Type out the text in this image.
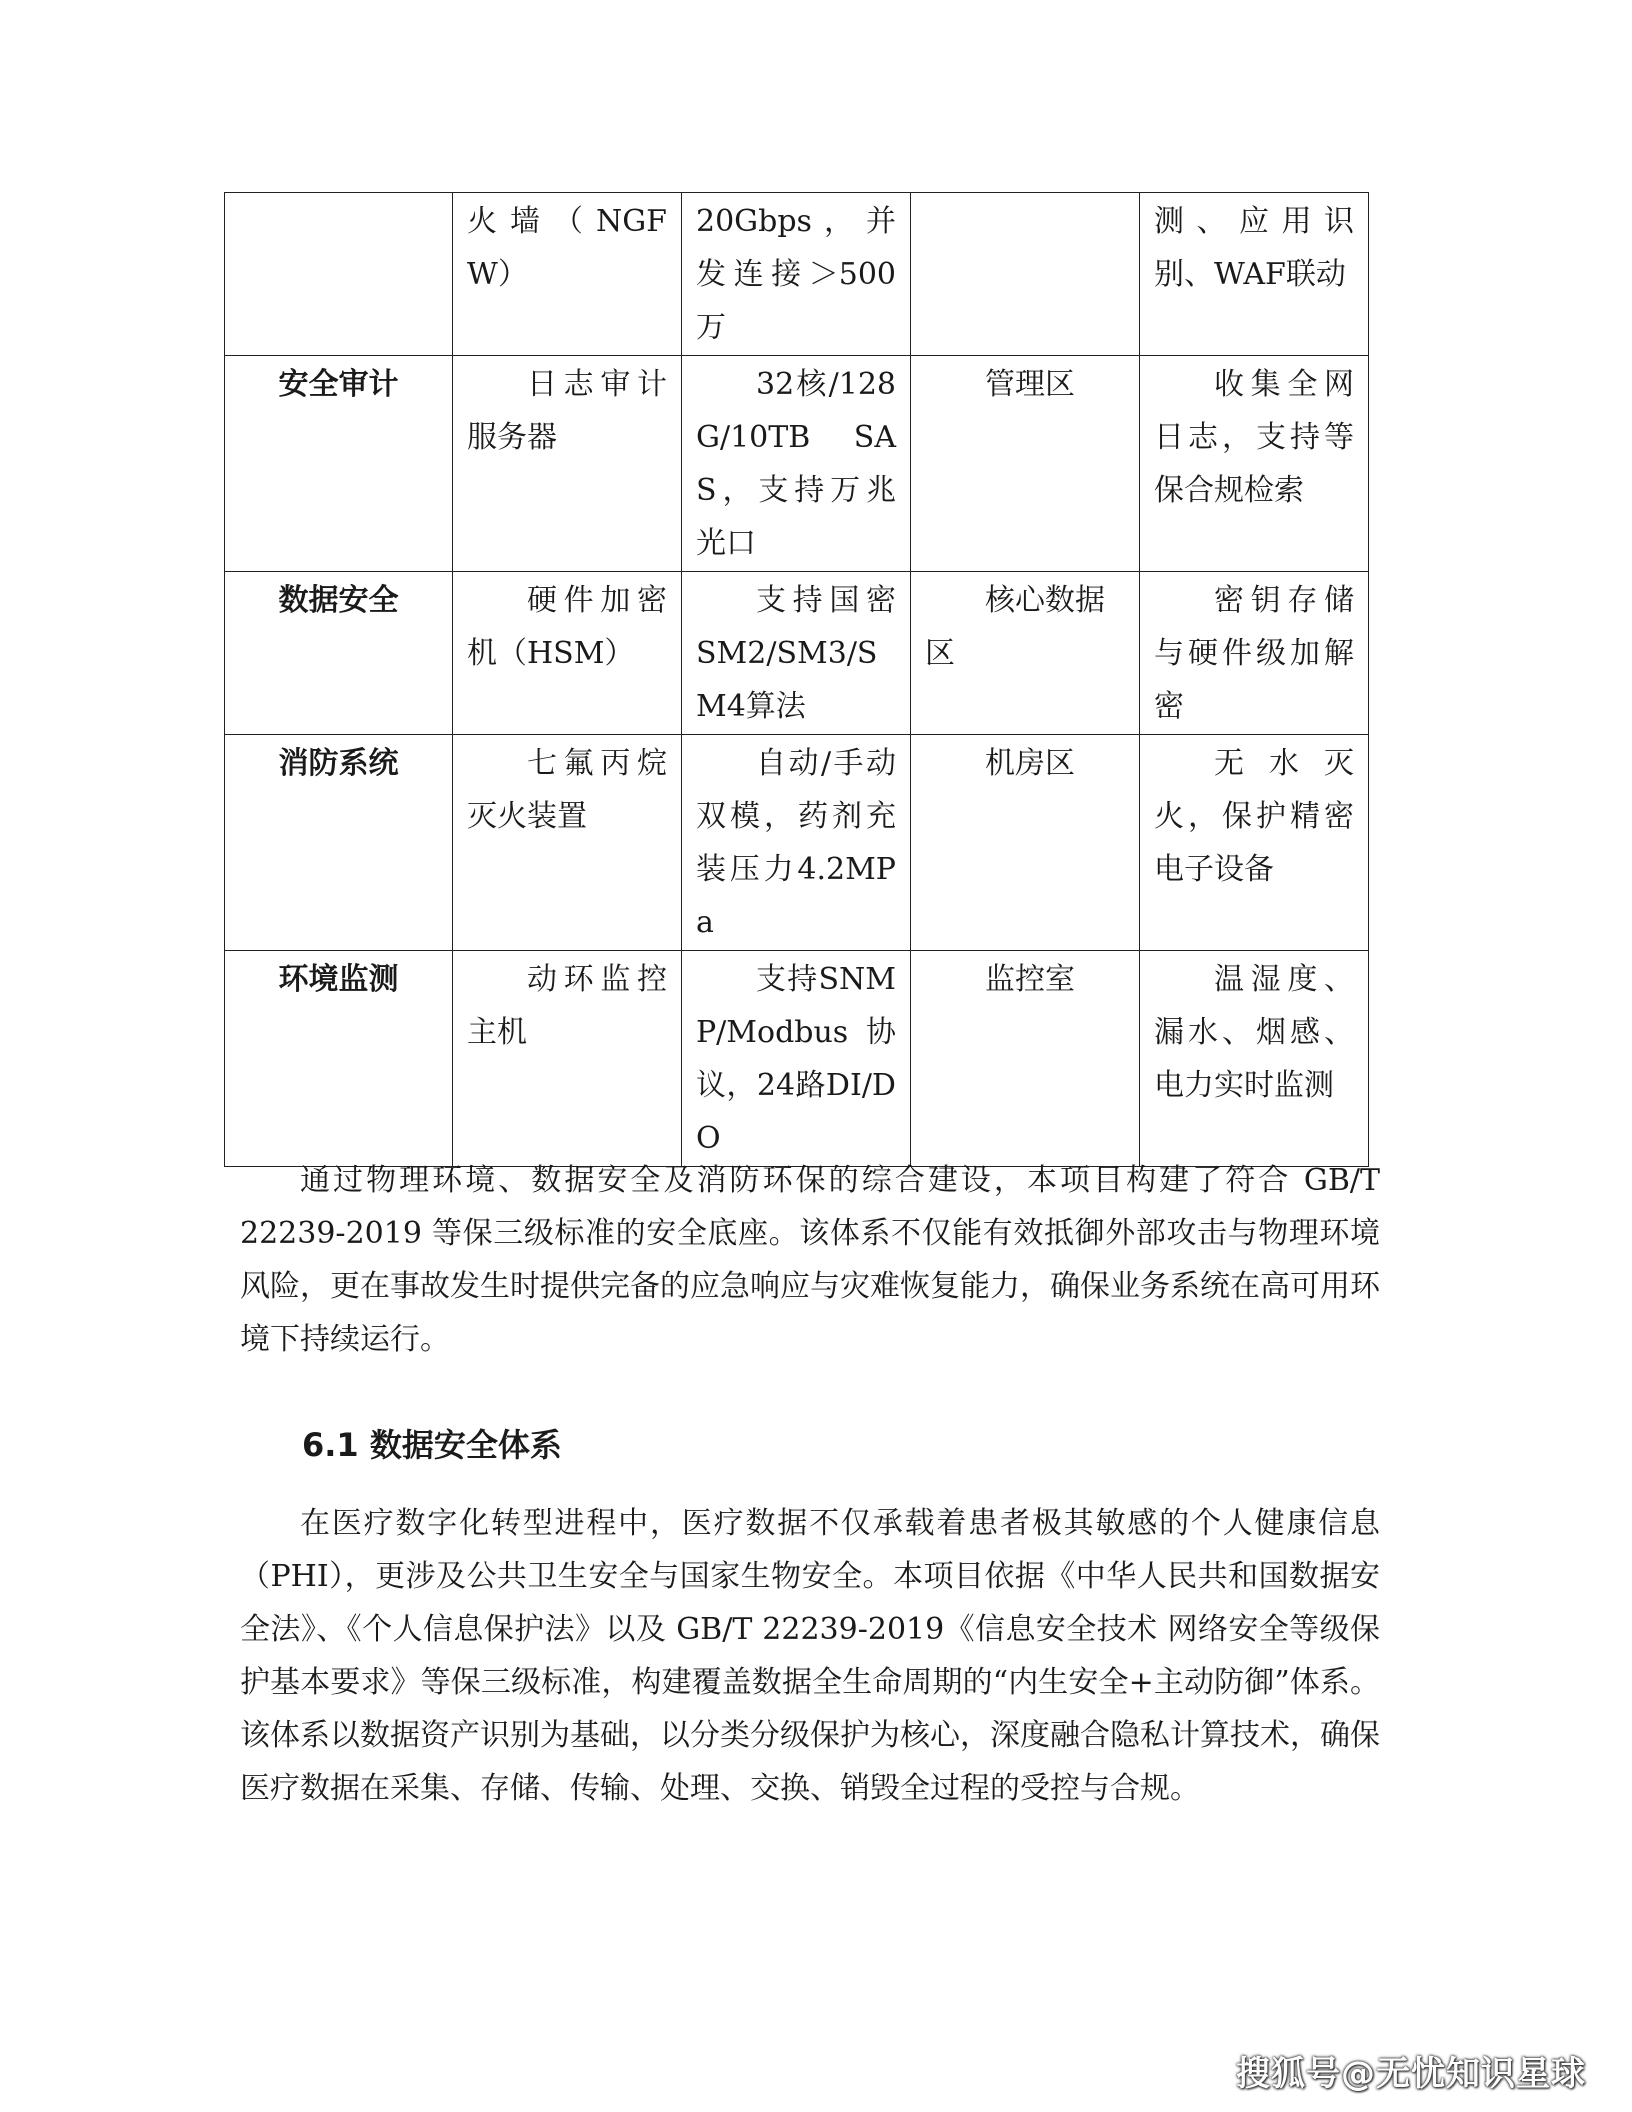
	火墙（NGFW）	20Gbps，并发连接＞500万		测、应用识别、WAF联动
安全审计	日志审计服务器	32核/128G/10TB SAS，支持万兆光口	管理区	收集全网日志，支持等保合规检索
数据安全	硬件加密机（HSM）	支持国密SM2/SM3/SM4算法	核心数据区	密钥存储与硬件级加解密
消防系统	七氟丙烷灭火装置	自动/手动双模，药剂充装压力4.2MPa	机房区	无水灭火，保护精密电子设备
环境监测	动环监控主机	支持SNMP/Modbus协议，24路DI/DO	监控室	温湿度、漏水、烟感、电力实时监测

通过物理环境、数据安全及消防环保的综合建设，本项目构建了符合 GB/T 22239-2019 等保三级标准的安全底座。该体系不仅能有效抵御外部攻击与物理环境风险，更在事故发生时提供完备的应急响应与灾难恢复能力，确保业务系统在高可用环境下持续运行。

6.1 数据安全体系

在医疗数字化转型进程中，医疗数据不仅承载着患者极其敏感的个人健康信息（PHI），更涉及公共卫生安全与国家生物安全。本项目依据《中华人民共和国数据安全法》、《个人信息保护法》以及 GB/T 22239-2019《信息安全技术 网络安全等级保护基本要求》等保三级标准，构建覆盖数据全生命周期的“内生安全+主动防御”体系。该体系以数据资产识别为基础，以分类分级保护为核心，深度融合隐私计算技术，确保医疗数据在采集、存储、传输、处理、交换、销毁全过程的受控与合规。

搜狐号@无忧知识星球
